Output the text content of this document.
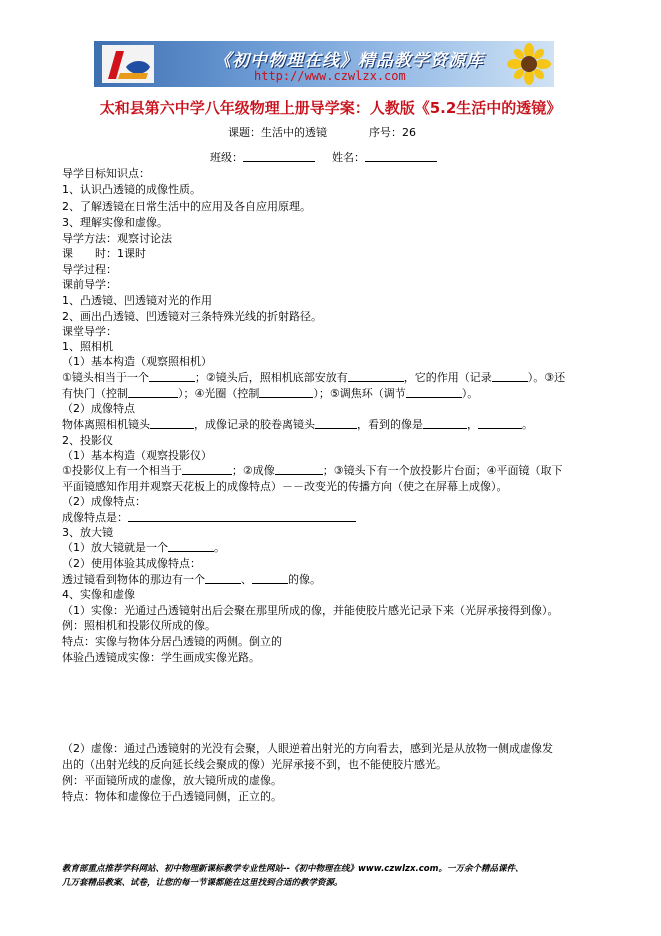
《初中物理在线》精品教学资源库
http://www.czwlzx.com
太和县第六中学八年级物理上册导学案：人教版《5.2生活中的透镜》
课题：生活中的透镜	序号：26
班级：	姓名：
导学目标知识点：
1、认识凸透镜的成像性质。
2、了解透镜在日常生活中的应用及各自应用原理。
3、理解实像和虚像。
导学方法：观察讨论法
课 时：1课时
导学过程：
课前导学：
1、凸透镜、凹透镜对光的作用
2、画出凸透镜、凹透镜对三条特殊光线的折射路径。
课堂导学：
1、照相机
（1）基本构造（观察照相机）
①镜头相当于一个	；②镜头后，照相机底部安放有	，它的作用（记录	）。③还
有快门（控制	）；④光圈（控制	）；⑤调焦环（调节	）。
（2）成像特点
物体离照相机镜头	，成像记录的胶卷离镜头	，看到的像是	，	。
2、投影仪
（1）基本构造（观察投影仪）
①投影仪上有一个相当于	；②成像	；③镜头下有一个放投影片台面；④平面镜（取下
平面镜感知作用并观察天花板上的成像特点）－－改变光的传播方向（使之在屏幕上成像）。
（2）成像特点：
成像特点是：
3、放大镜
（1）放大镜就是一个	。
（2）使用体验其成像特点：
透过镜看到物体的那边有一个	、	的像。
4、实像和虚像
（1）实像：光通过凸透镜射出后会聚在那里所成的像，并能使胶片感光记录下来（光屏承接得到像）。
例：照相机和投影仪所成的像。
特点：实像与物体分居凸透镜的两侧。倒立的
体验凸透镜成实像：学生画成实像光路。
（2）虚像：通过凸透镜射的光没有会聚，人眼逆着出射光的方向看去，感到光是从放物一侧成虚像发
出的（出射光线的反向延长线会聚成的像）光屏承接不到，也不能使胶片感光。
例：平面镜所成的虚像，放大镜所成的虚像。
特点：物体和虚像位于凸透镜同侧，正立的。
教育部重点推荐学科网站、初中物理新课标教学专业性网站--《初中物理在线》www.czwlzx.com。一万余个精品课件、
几万套精品教案、试卷，让您的每一节课都能在这里找到合适的教学资源。
